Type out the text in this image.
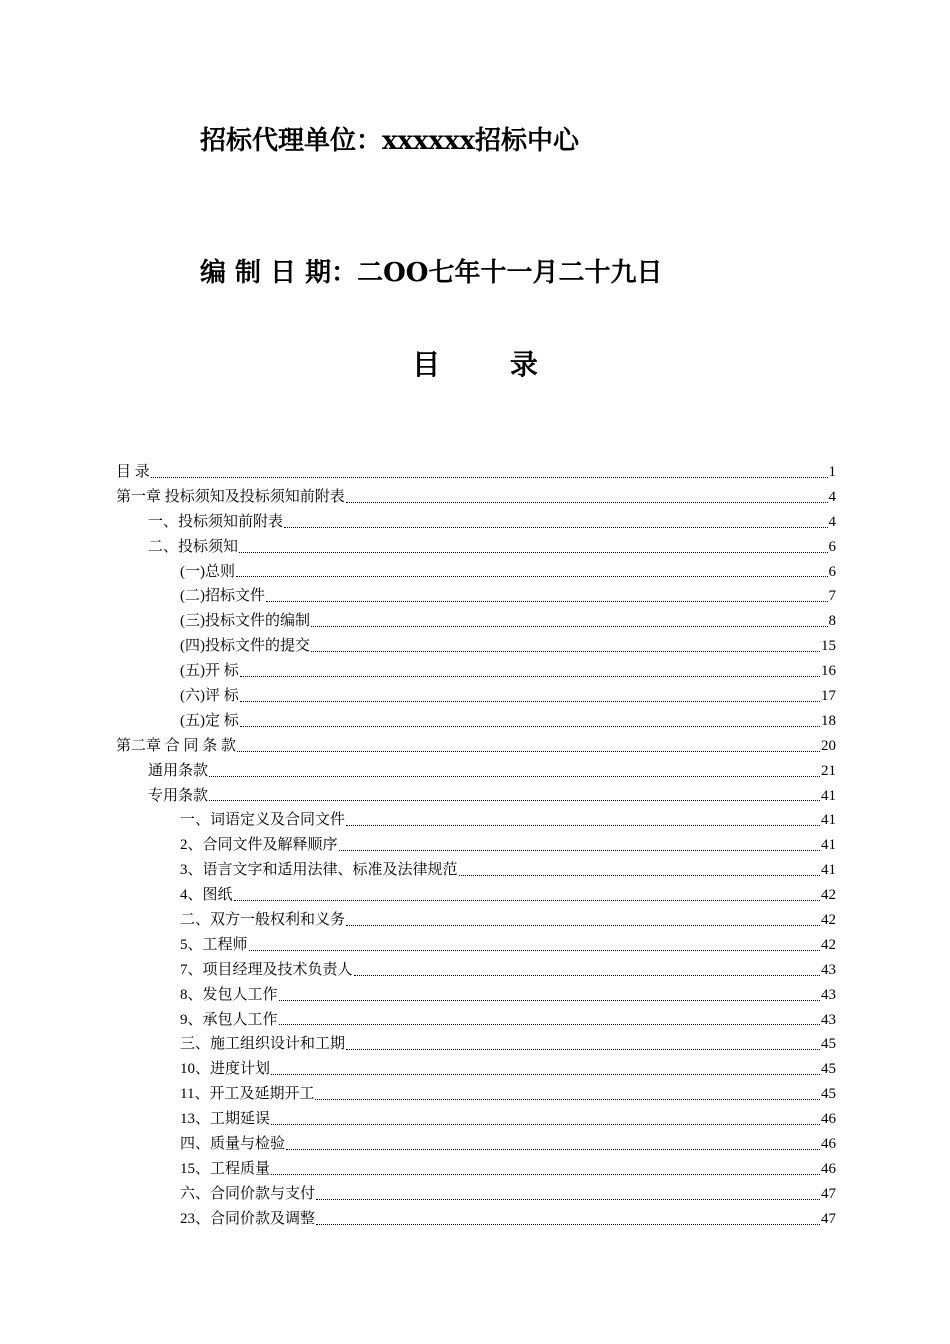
招标代理单位：xxxxxx招标中心
编 制 日 期：二OO七年十一月二十九日
目 录
目 录	1
第一章 投标须知及投标须知前附表	4
一、投标须知前附表	4
二、投标须知	6
(一)总则	6
(二)招标文件	7
(三)投标文件的编制	8
(四)投标文件的提交	15
(五)开 标	16
(六)评 标	17
(五)定 标	18
第二章 合 同 条 款	20
通用条款	21
专用条款	41
一、词语定义及合同文件	41
2、合同文件及解释顺序	41
3、语言文字和适用法律、标准及法律规范	41
4、图纸	42
二、双方一般权利和义务	42
5、工程师	42
7、项目经理及技术负责人	43
8、发包人工作	43
9、承包人工作	43
三、施工组织设计和工期	45
10、进度计划	45
11、开工及延期开工	45
13、工期延误	46
四、质量与检验	46
15、工程质量	46
六、合同价款与支付	47
23、合同价款及调整	47
